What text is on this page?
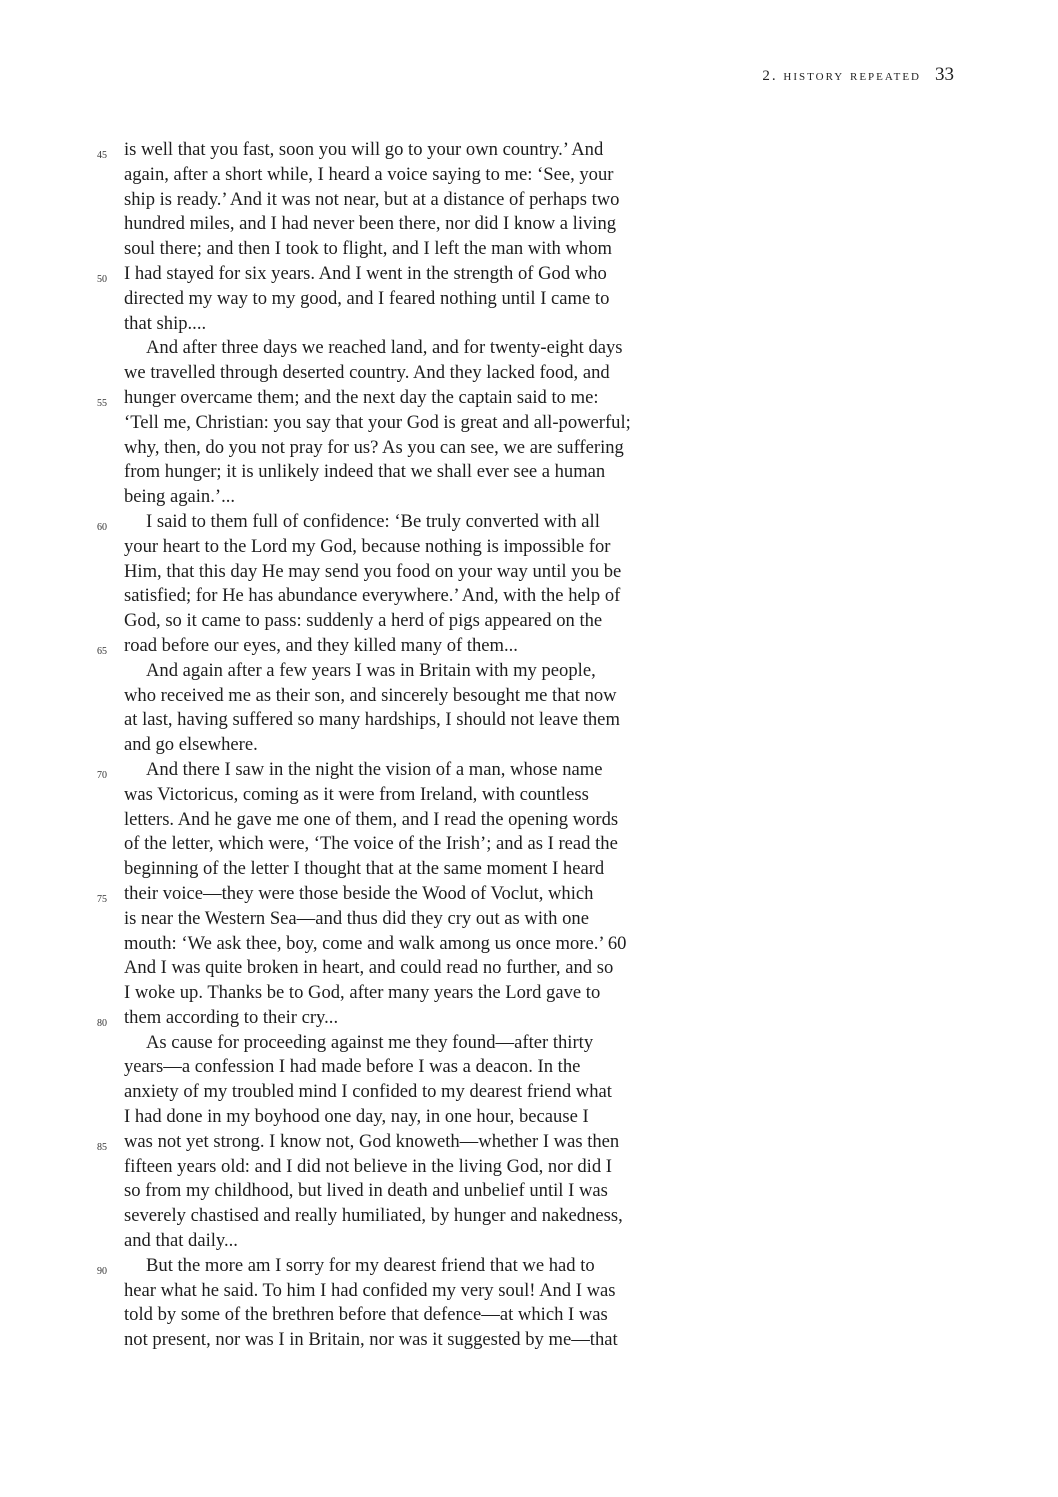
2. history repeated 33
45 is well that you fast, soon you will go to your own country.’ And
again, after a short while, I heard a voice saying to me: ‘See, your
ship is ready.’ And it was not near, but at a distance of perhaps two
hundred miles, and I had never been there, nor did I know a living
soul there; and then I took to flight, and I left the man with whom
50 I had stayed for six years. And I went in the strength of God who
directed my way to my good, and I feared nothing until I came to
that ship....
And after three days we reached land, and for twenty-eight days
we travelled through deserted country. And they lacked food, and
55 hunger overcame them; and the next day the captain said to me:
‘Tell me, Christian: you say that your God is great and all-powerful;
why, then, do you not pray for us? As you can see, we are suffering
from hunger; it is unlikely indeed that we shall ever see a human
being again.’...
60 I said to them full of confidence: ‘Be truly converted with all
your heart to the Lord my God, because nothing is impossible for
Him, that this day He may send you food on your way until you be
satisfied; for He has abundance everywhere.’ And, with the help of
God, so it came to pass: suddenly a herd of pigs appeared on the
65 road before our eyes, and they killed many of them...
And again after a few years I was in Britain with my people,
who received me as their son, and sincerely besought me that now
at last, having suffered so many hardships, I should not leave them
and go elsewhere.
70 And there I saw in the night the vision of a man, whose name
was Victoricus, coming as it were from Ireland, with countless
letters. And he gave me one of them, and I read the opening words
of the letter, which were, ‘The voice of the Irish’; and as I read the
beginning of the letter I thought that at the same moment I heard
75 their voice—they were those beside the Wood of Voclut, which
is near the Western Sea—and thus did they cry out as with one
mouth: ‘We ask thee, boy, come and walk among us once more.’ 60
And I was quite broken in heart, and could read no further, and so
I woke up. Thanks be to God, after many years the Lord gave to
80 them according to their cry...
As cause for proceeding against me they found—after thirty
years—a confession I had made before I was a deacon. In the
anxiety of my troubled mind I confided to my dearest friend what
I had done in my boyhood one day, nay, in one hour, because I
85 was not yet strong. I know not, God knoweth—whether I was then
fifteen years old: and I did not believe in the living God, nor did I
so from my childhood, but lived in death and unbelief until I was
severely chastised and really humiliated, by hunger and nakedness,
and that daily...
90 But the more am I sorry for my dearest friend that we had to
hear what he said. To him I had confided my very soul! And I was
told by some of the brethren before that defence—at which I was
not present, nor was I in Britain, nor was it suggested by me—that
